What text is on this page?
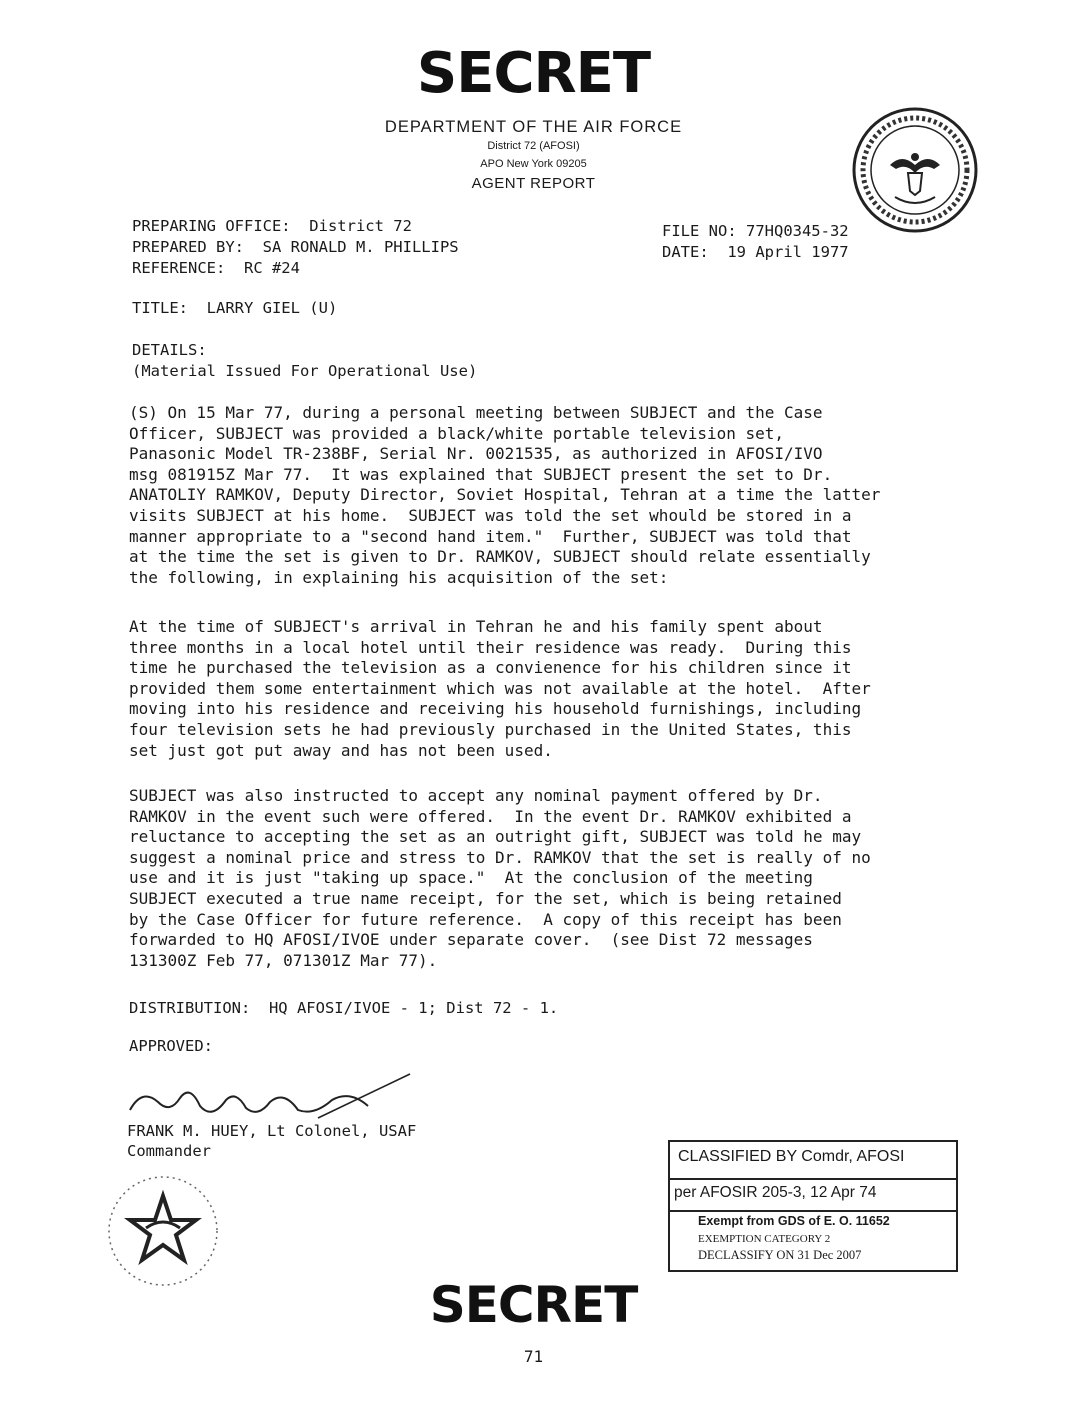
SECRET
DEPARTMENT OF THE AIR FORCE
District 72 (AFOSI)
APO New York 09205
AGENT REPORT
PREPARING OFFICE:  District 72
PREPARED BY:  SA RONALD M. PHILLIPS
REFERENCE:  RC #24
FILE NO: 77HQ0345-32
DATE:  19 April 1977
TITLE:  LARRY GIEL (U)
DETAILS:
(Material Issued For Operational Use)
(S) On 15 Mar 77, during a personal meeting between SUBJECT and the Case
Officer, SUBJECT was provided a black/white portable television set,
Panasonic Model TR-238BF, Serial Nr. 0021535, as authorized in AFOSI/IVO
msg 081915Z Mar 77.  It was explained that SUBJECT present the set to Dr.
ANATOLIY RAMKOV, Deputy Director, Soviet Hospital, Tehran at a time the latter
visits SUBJECT at his home.  SUBJECT was told the set whould be stored in a
manner appropriate to a "second hand item."  Further, SUBJECT was told that
at the time the set is given to Dr. RAMKOV, SUBJECT should relate essentially
the following, in explaining his acquisition of the set:
At the time of SUBJECT's arrival in Tehran he and his family spent about
three months in a local hotel until their residence was ready.  During this
time he purchased the television as a convienence for his children since it
provided them some entertainment which was not available at the hotel.  After
moving into his residence and receiving his household furnishings, including
four television sets he had previously purchased in the United States, this
set just got put away and has not been used.
SUBJECT was also instructed to accept any nominal payment offered by Dr.
RAMKOV in the event such were offered.  In the event Dr. RAMKOV exhibited a
reluctance to accepting the set as an outright gift, SUBJECT was told he may
suggest a nominal price and stress to Dr. RAMKOV that the set is really of no
use and it is just "taking up space."  At the conclusion of the meeting
SUBJECT executed a true name receipt, for the set, which is being retained
by the Case Officer for future reference.  A copy of this receipt has been
forwarded to HQ AFOSI/IVOE under separate cover.  (see Dist 72 messages
131300Z Feb 77, 071301Z Mar 77).
DISTRIBUTION:  HQ AFOSI/IVOE - 1; Dist 72 - 1.
APPROVED:
FRANK M. HUEY, Lt Colonel, USAF
Commander	CLASSIFIED BY Comdr, AFOSI
per AFOSIR 205-3, 12 Apr 74
Exempt from GDS of E. O. 11652
EXEMPTION CATEGORY 2
DECLASSIFY ON 31 Dec 2007
SECRET
71
